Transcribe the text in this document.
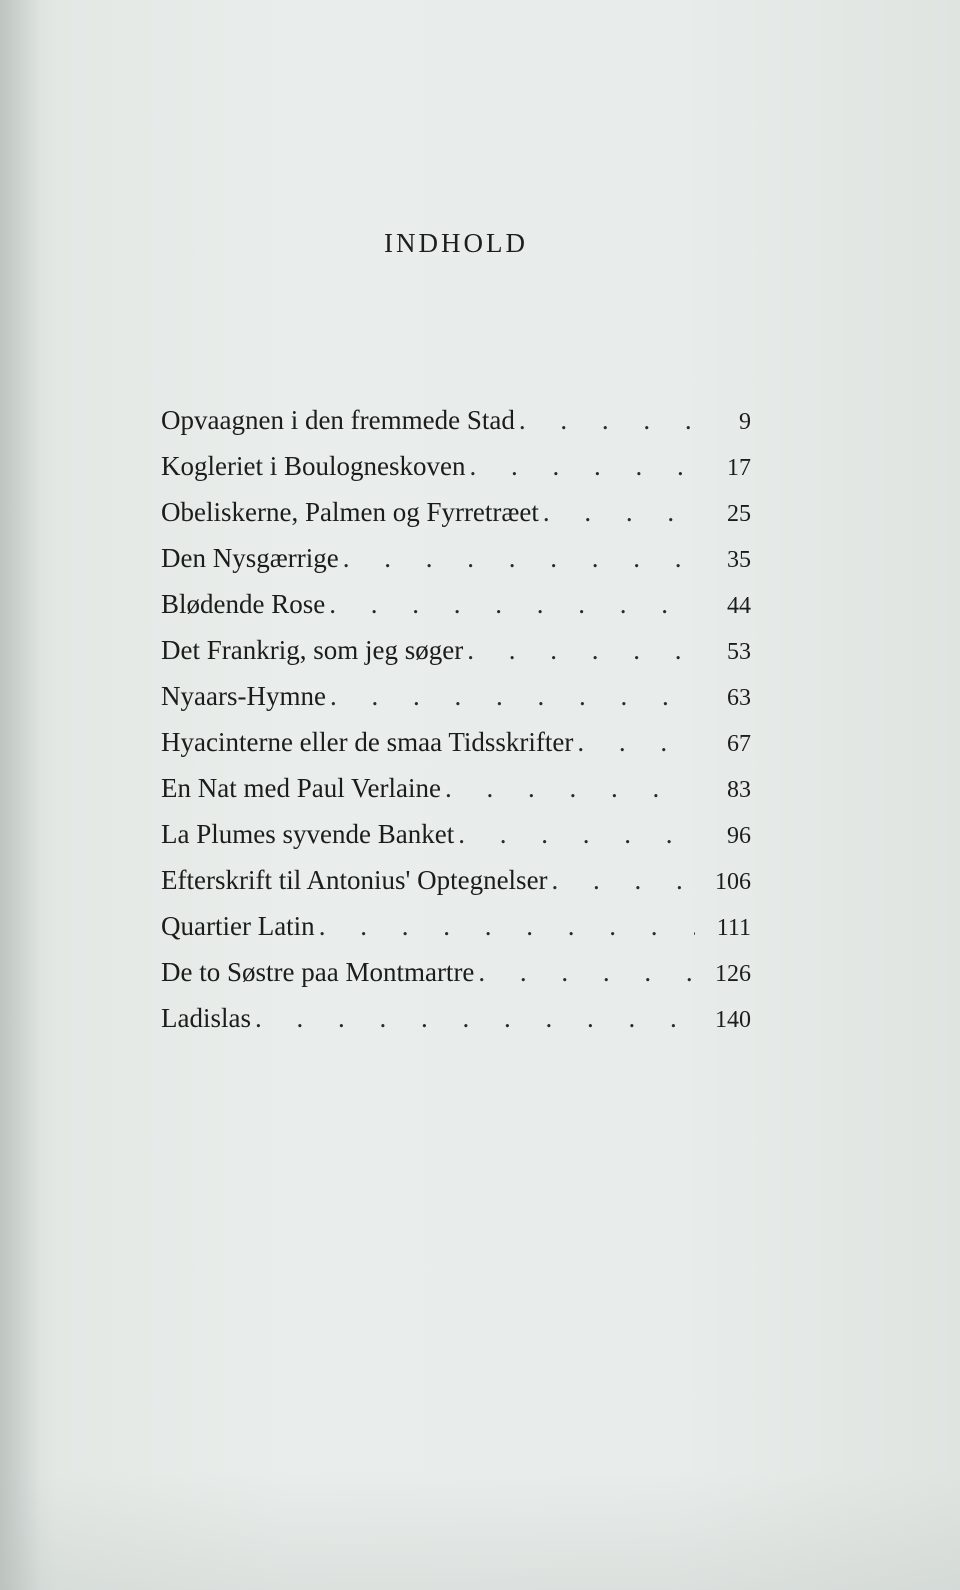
INDHOLD
Opvaagnen i den fremmede Stad . . .	9
Kogleriet i Boulogneskoven . . .	17
Obeliskerne, Palmen og Fyrretræet . . .	25
Den Nysgærrige . . .	35
Blødende Rose . . .	44
Det Frankrig, som jeg søger . . .	53
Nyaars-Hymne . . .	63
Hyacinterne eller de smaa Tidsskrifter . . .	67
En Nat med Paul Verlaine . . .	83
La Plumes syvende Banket . . .	96
Efterskrift til Antonius' Optegnelser . . .	106
Quartier Latin . . .	111
De to Søstre paa Montmartre . . .	126
Ladislas . . .	140
